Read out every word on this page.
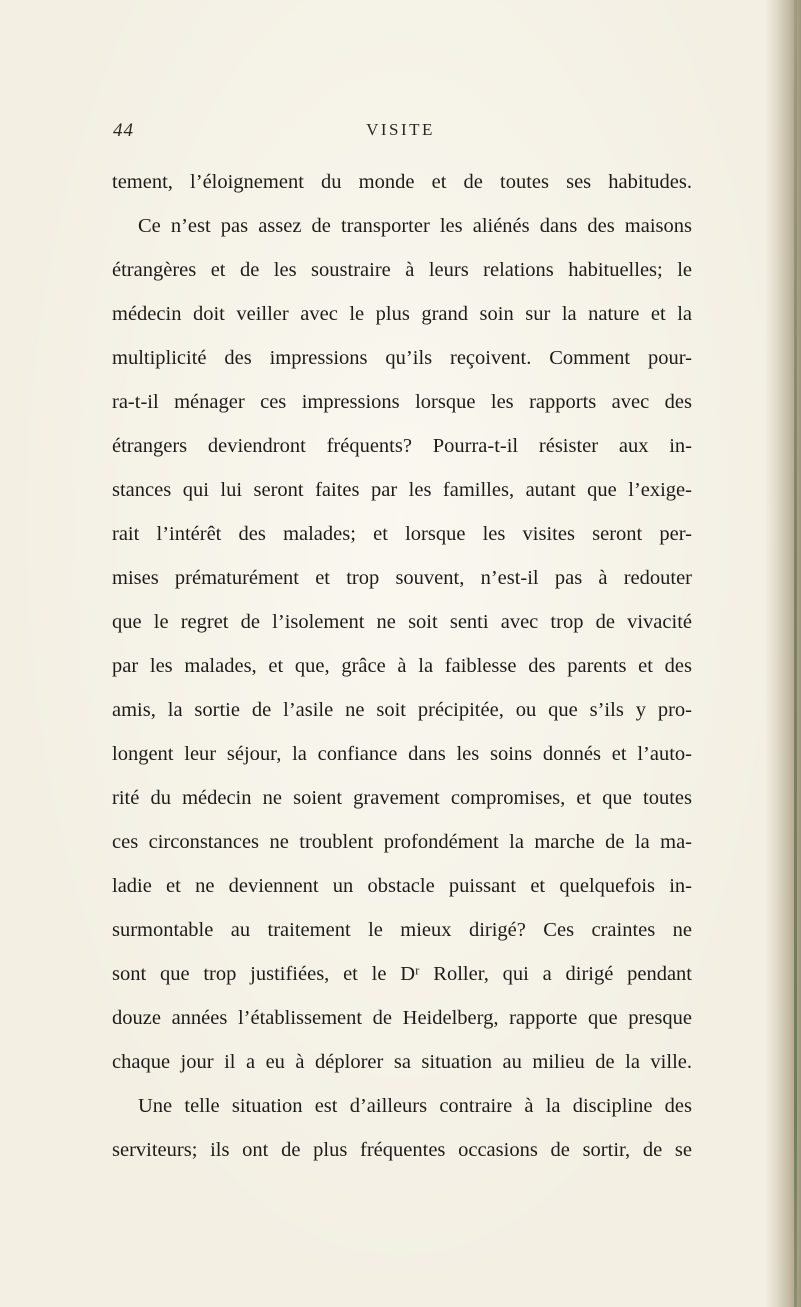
44	VISITE
tement, l’éloignement du monde et de toutes ses habitudes.
Ce n’est pas assez de transporter les aliénés dans des maisons
étrangères et de les soustraire à leurs relations habituelles; le
médecin doit veiller avec le plus grand soin sur la nature et la
multiplicité des impressions qu’ils reçoivent. Comment pour-
ra-t-il ménager ces impressions lorsque les rapports avec des
étrangers deviendront fréquents? Pourra-t-il résister aux in-
stances qui lui seront faites par les familles, autant que l’exige-
rait l’intérêt des malades; et lorsque les visites seront per-
mises prématurément et trop souvent, n’est-il pas à redouter
que le regret de l’isolement ne soit senti avec trop de vivacité
par les malades, et que, grâce à la faiblesse des parents et des
amis, la sortie de l’asile ne soit précipitée, ou que s’ils y pro-
longent leur séjour, la confiance dans les soins donnés et l’auto-
rité du médecin ne soient gravement compromises, et que toutes
ces circonstances ne troublent profondément la marche de la ma-
ladie et ne deviennent un obstacle puissant et quelquefois in-
surmontable au traitement le mieux dirigé? Ces craintes ne
sont que trop justifiées, et le Dʳ Roller, qui a dirigé pendant
douze années l’établissement de Heidelberg, rapporte que presque
chaque jour il a eu à déplorer sa situation au milieu de la ville.
Une telle situation est d’ailleurs contraire à la discipline des
serviteurs; ils ont de plus fréquentes occasions de sortir, de se
